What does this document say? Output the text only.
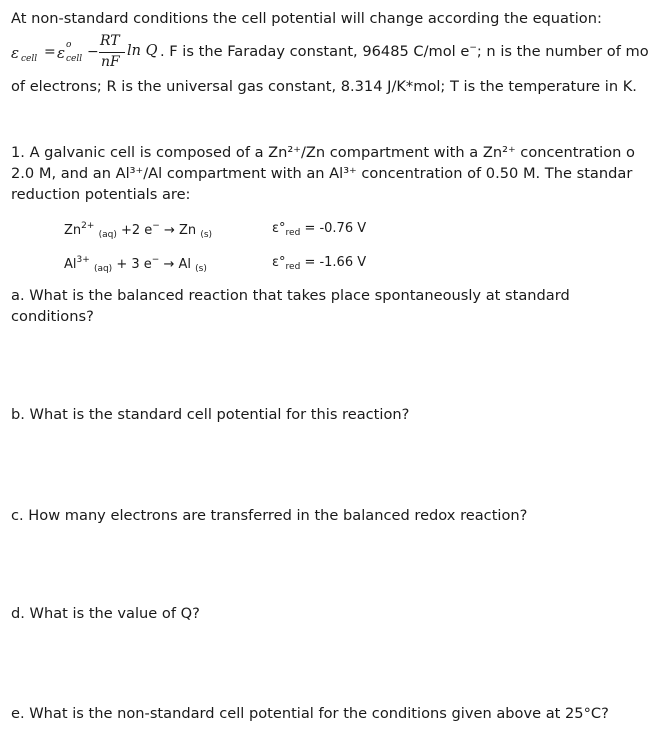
At non-standard conditions the cell potential will change according the equation:
ε cell = ε o
cell −
RT
nF
ln Q . F is the Faraday constant, 96485 C/mol e−; n is the number of mo
of electrons; R is the universal gas constant, 8.314 J/K*mol; T is the temperature in K.
1. A galvanic cell is composed of a Zn²⁺/Zn compartment with a Zn²⁺ concentration o
2.0 M, and an Al³⁺/Al compartment with an Al³⁺ concentration of 0.50 M. The standar
reduction potentials are:
$Zn^{2+}$ $_{(aq)}$ +2 e− → Zn $_{(s)}$	$\varepsilon^\circ_{red} = -0.76$ V
$Al^{3+}$ $_{(aq)}$ + 3 e− → Al $_{(s)}$	$\varepsilon^\circ_{red} = -1.66$ V
a. What is the balanced reaction that takes place spontaneously at standard
conditions?
b. What is the standard cell potential for this reaction?
c. How many electrons are transferred in the balanced redox reaction?
d. What is the value of Q?
e. What is the non-standard cell potential for the conditions given above at 25°C?
